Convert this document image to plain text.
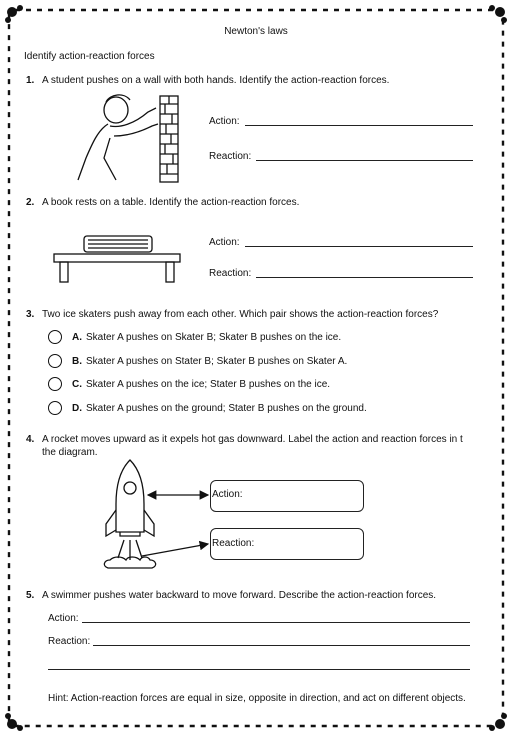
Newton's laws
Identify action-reaction forces
1. A student pushes on a wall with both hands. Identify the action-reaction forces.
Action:
Reaction:
2. A book rests on a table. Identify the action-reaction forces.
Action:
Reaction:
3. Two ice skaters push away from each other. Which pair shows the action-reaction forces?
A. Skater A pushes on Skater B; Skater B pushes on the ice.
B. Skater A pushes on Stater B; Skater B pushes on Skater A.
C. Skater A pushes on the ice; Stater B pushes on the ice.
D. Skater A pushes on the ground; Stater B pushes on the ground.
4. A rocket moves upward as it expels hot gas downward. Label the action and reaction forces in t
the diagram.
Action:
Reaction:
5. A swimmer pushes water backward to move forward. Describe the action-reaction forces.
Action:
Reaction:
Hint: Action-reaction forces are equal in size, opposite in direction, and act on different objects.
